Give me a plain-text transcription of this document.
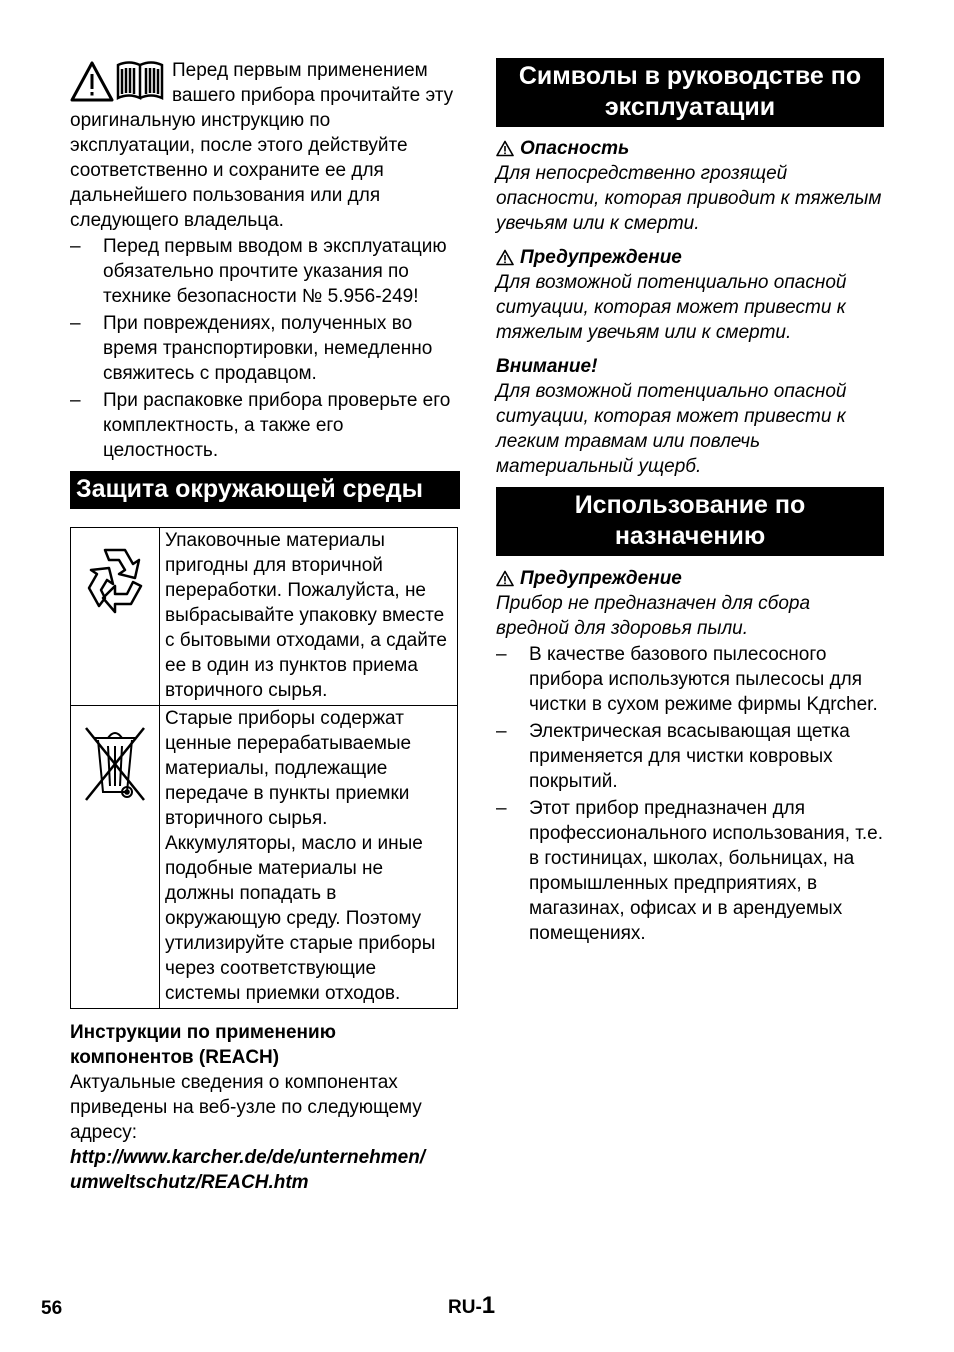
Перед первым применением вашего прибора прочитайте эту оригинальную инструкцию по эксплуатации, после этого действуйте соответственно и сохраните ее для дальнейшего пользования или для следующего владельца.

– Перед первым вводом в эксплуатацию обязательно прочтите указания по технике безопасности № 5.956-249!
– При повреждениях, полученных во время транспортировки, немедленно свяжитесь с продавцом.
– При распаковке прибора проверьте его комплектность, а также его целостность.
Защита окружающей среды
	Упаковочные материалы пригодны для вторичной переработки. Пожалуйста, не выбрасывайте упаковку вместе с бытовыми отходами, а сдайте ее в один из пунктов приема вторичного сырья.

	Старые приборы содержат ценные перерабатываемые материалы, подлежащие передаче в пункты приемки вторичного сырья. Аккумуляторы, масло и иные подобные материалы не должны попадать в окружающую среду. Поэтому утилизируйте старые приборы через соответствующие системы приемки отходов.

Инструкции по применению компонентов (REACH)

Актуальные сведения о компонентах приведены на веб-узле по следующему адресу:

http://www.karcher.de/de/unternehmen/

umweltschutz/REACH.htm

Символы в руководстве по эксплуатации

Опасность

Для непосредственно грозящей опасности, которая приводит к тяжелым увечьям или к смерти.

Предупреждение

Для возможной потенциально опасной ситуации, которая может привести к тяжелым увечьям или к смерти.

Внимание!

Для возможной потенциально опасной ситуации, которая может привести к легким травмам или повлечь материальный ущерб.

Использование по назначению

Предупреждение

Прибор не предназначен для сбора вредной для здоровья пыли.

– В качестве базового пылесосного прибора используются пылесосы для чистки в сухом режиме фирмы Kдrcher.
– Электрическая всасывающая щетка применяется для чистки ковровых покрытий.
– Этот прибор предназначен для профессионального использования, т.е. в гостиницах, школах, больницах, на промышленных предприятиях, в магазинах, офисах и в арендуемых помещениях.
56	RU-1
